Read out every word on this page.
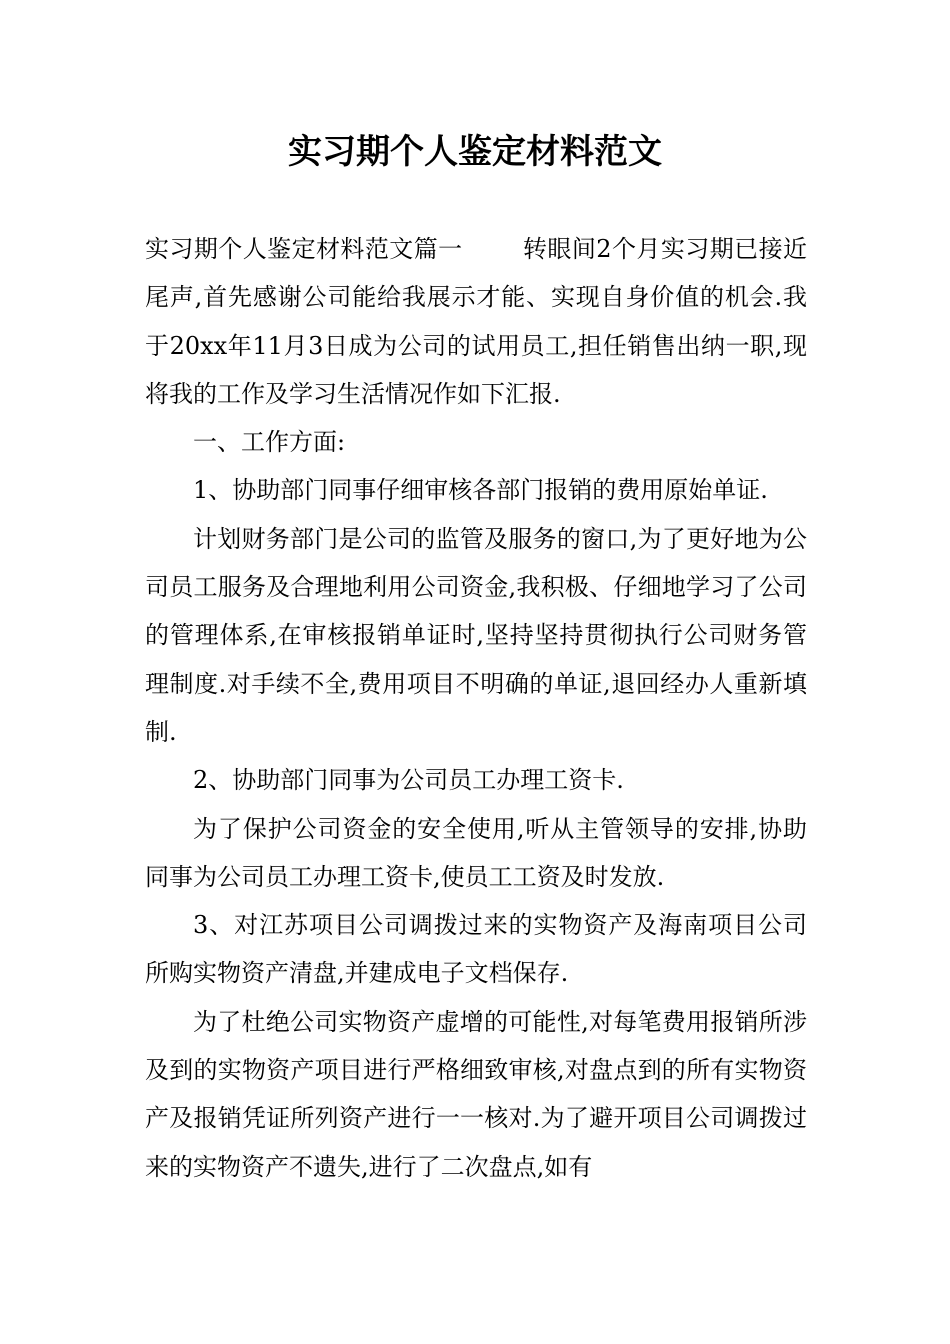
实习期个人鉴定材料范文

实习期个人鉴定材料范文篇一	转眼间2个月实习期已接近尾声,首先感谢公司能给我展示才能、实现自身价值的机会.我于20xx年11月3日成为公司的试用员工,担任销售出纳一职,现将我的工作及学习生活情况作如下汇报.

一、工作方面:

1、协助部门同事仔细审核各部门报销的费用原始单证.

计划财务部门是公司的监管及服务的窗口,为了更好地为公司员工服务及合理地利用公司资金,我积极、仔细地学习了公司的管理体系,在审核报销单证时,坚持坚持贯彻执行公司财务管理制度.对手续不全,费用项目不明确的单证,退回经办人重新填制.

2、协助部门同事为公司员工办理工资卡.

为了保护公司资金的安全使用,听从主管领导的安排,协助同事为公司员工办理工资卡,使员工工资及时发放.

3、对江苏项目公司调拨过来的实物资产及海南项目公司所购实物资产清盘,并建成电子文档保存.

为了杜绝公司实物资产虚增的可能性,对每笔费用报销所涉及到的实物资产项目进行严格细致审核,对盘点到的所有实物资产及报销凭证所列资产进行一一核对.为了避开项目公司调拨过来的实物资产不遗失,进行了二次盘点,如有
